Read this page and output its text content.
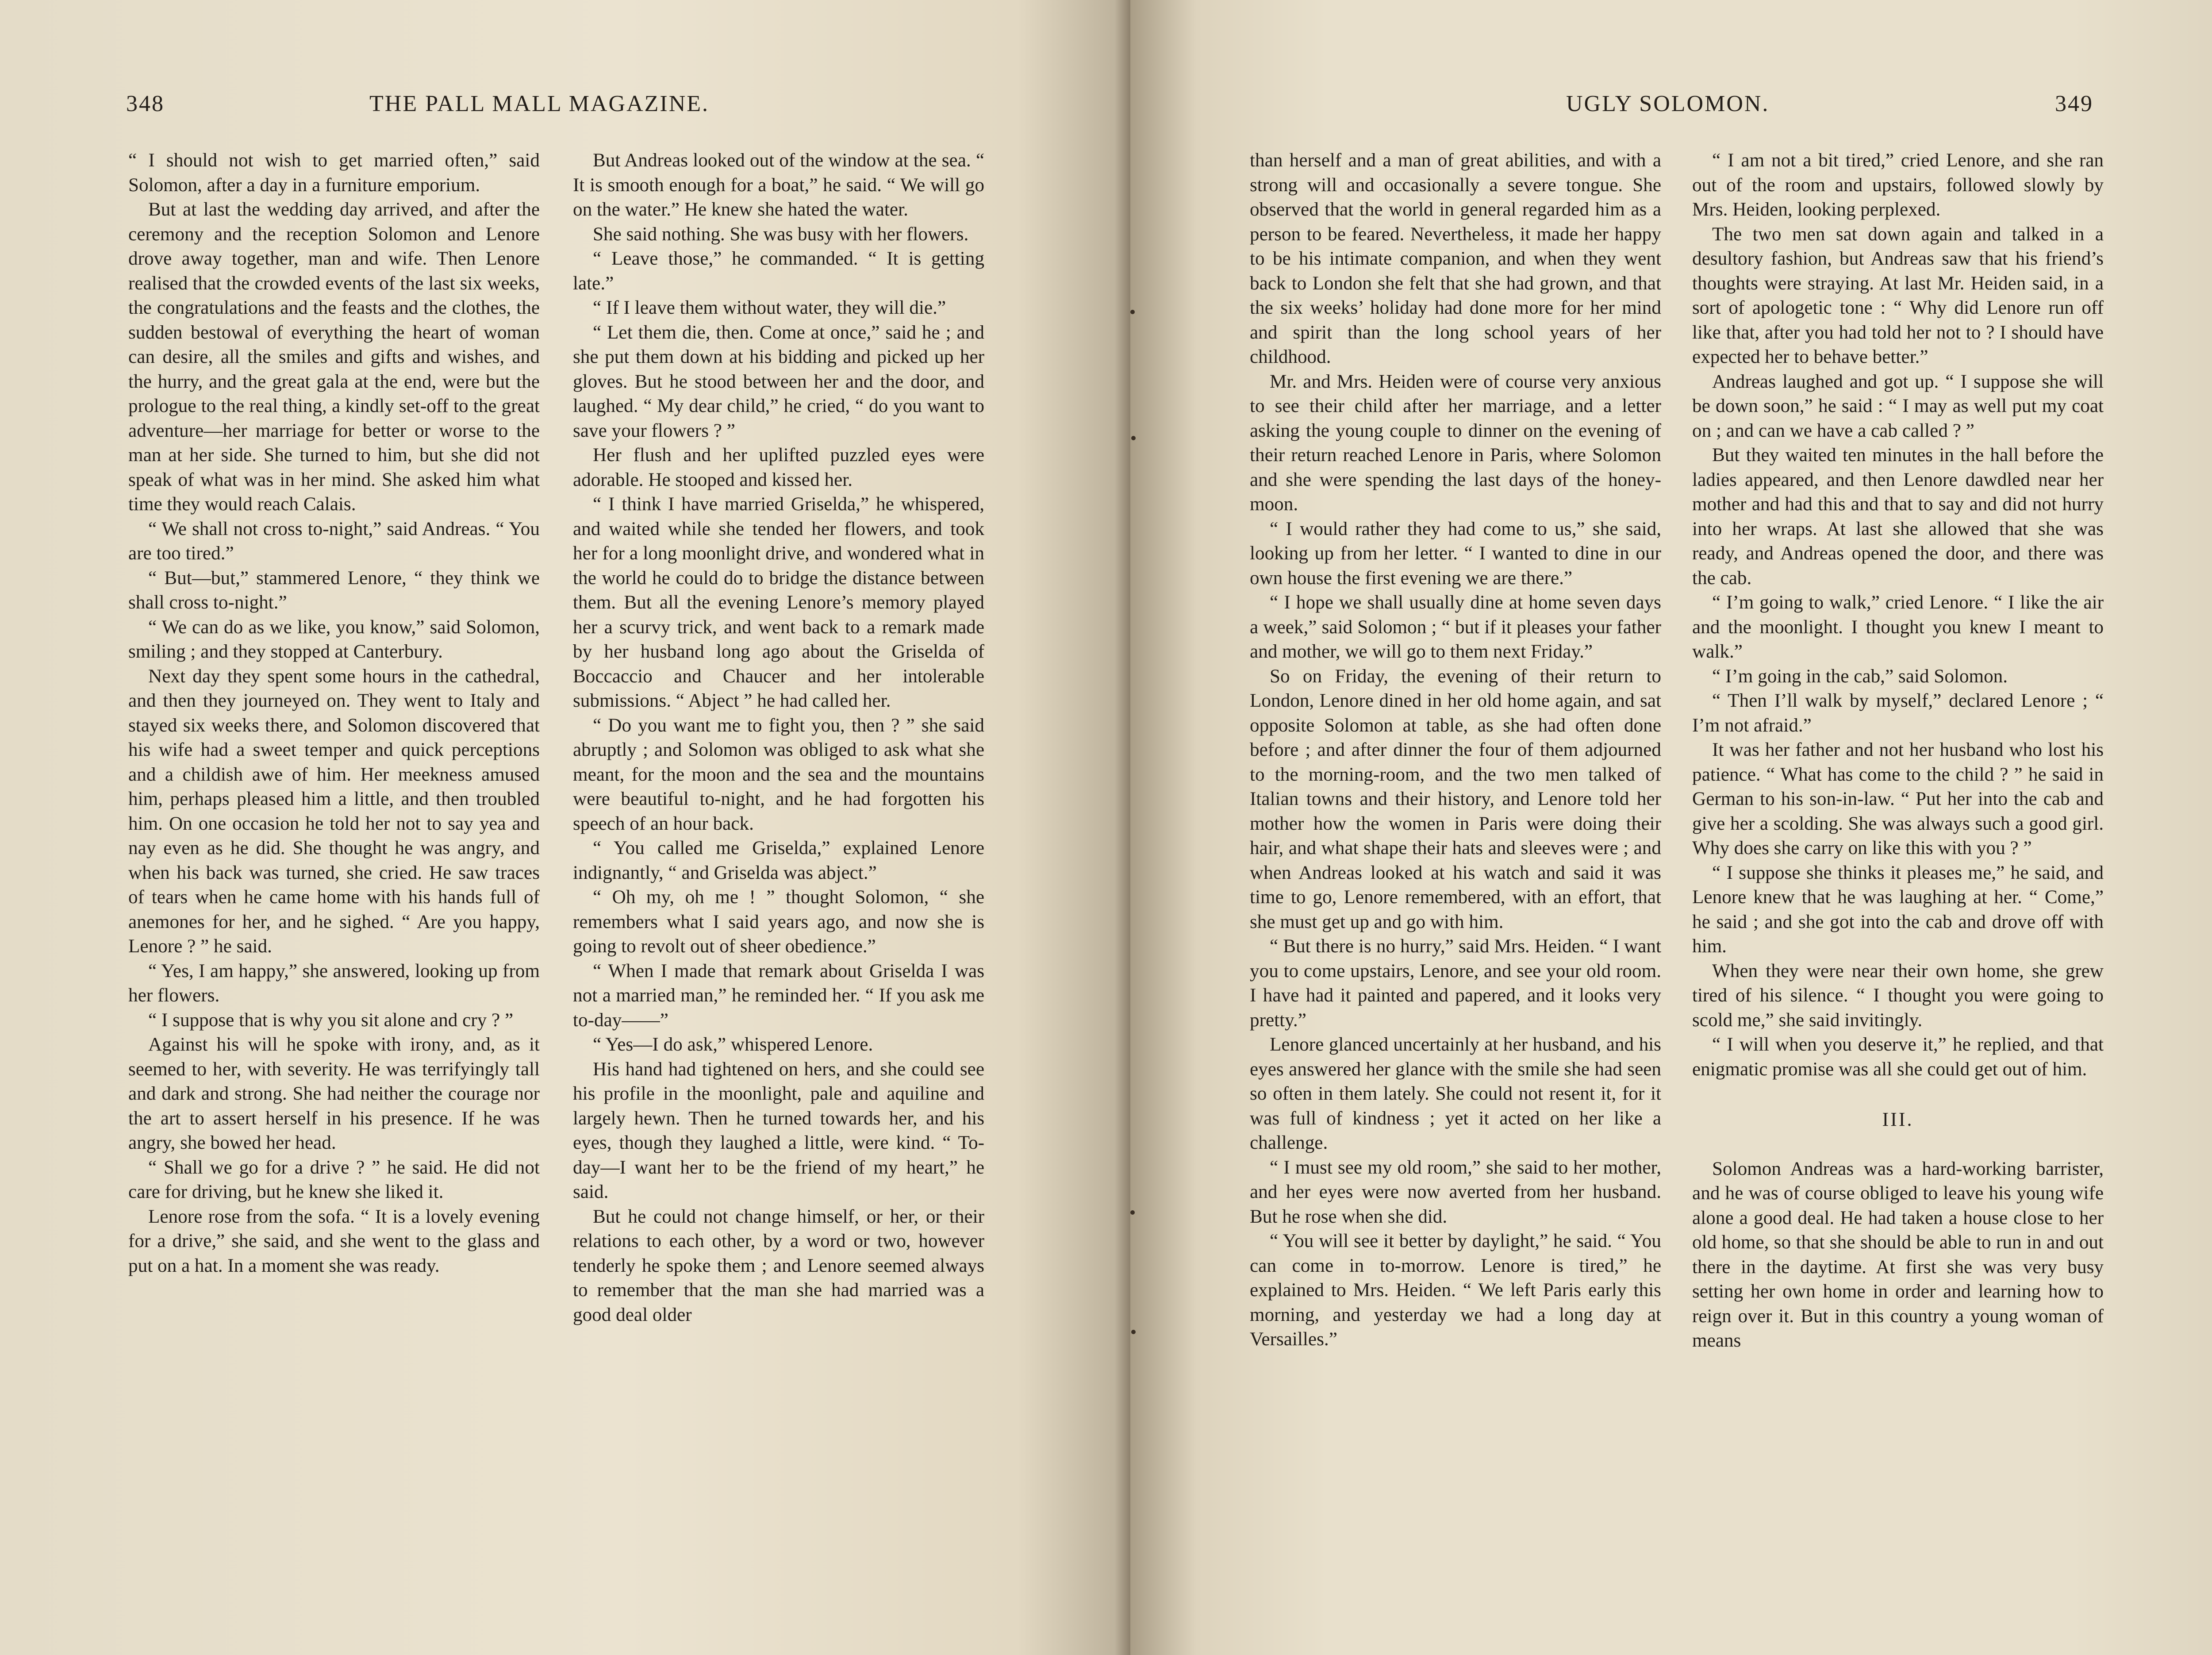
348	THE PALL MALL MAGAZINE.

“ I should not wish to get married often,” said Solomon, after a day in a furniture emporium.

But at last the wedding day arrived, and after the ceremony and the reception Solomon and Lenore drove away together, man and wife. Then Lenore realised that the crowded events of the last six weeks, the congratulations and the feasts and the clothes, the sudden bestowal of everything the heart of woman can desire, all the smiles and gifts and wishes, and the hurry, and the great gala at the end, were but the prologue to the real thing, a kindly set-off to the great adventure—her marriage for better or worse to the man at her side. She turned to him, but she did not speak of what was in her mind. She asked him what time they would reach Calais.

“ We shall not cross to-night,” said Andreas. “ You are too tired.”

“ But—but,” stammered Lenore, “ they think we shall cross to-night.”

“ We can do as we like, you know,” said Solomon, smiling ; and they stopped at Canterbury.

Next day they spent some hours in the cathedral, and then they journeyed on. They went to Italy and stayed six weeks there, and Solomon discovered that his wife had a sweet temper and quick perceptions and a childish awe of him. Her meekness amused him, perhaps pleased him a little, and then troubled him. On one occasion he told her not to say yea and nay even as he did. She thought he was angry, and when his back was turned, she cried. He saw traces of tears when he came home with his hands full of anemones for her, and he sighed. “ Are you happy, Lenore ? ” he said.

“ Yes, I am happy,” she answered, looking up from her flowers.

“ I suppose that is why you sit alone and cry ? ”

Against his will he spoke with irony, and, as it seemed to her, with severity. He was terrifyingly tall and dark and strong. She had neither the courage nor the art to assert herself in his presence. If he was angry, she bowed her head.

“ Shall we go for a drive ? ” he said. He did not care for driving, but he knew she liked it.

Lenore rose from the sofa. “ It is a lovely evening for a drive,” she said, and she went to the glass and put on a hat. In a moment she was ready.

But Andreas looked out of the window at the sea. “ It is smooth enough for a boat,” he said. “ We will go on the water.” He knew she hated the water.

She said nothing. She was busy with her flowers.

“ Leave those,” he commanded. “ It is getting late.”

“ If I leave them without water, they will die.”

“ Let them die, then. Come at once,” said he ; and she put them down at his bidding and picked up her gloves. But he stood between her and the door, and laughed. “ My dear child,” he cried, “ do you want to save your flowers ? ”

Her flush and her uplifted puzzled eyes were adorable. He stooped and kissed her.

“ I think I have married Griselda,” he whispered, and waited while she tended her flowers, and took her for a long moonlight drive, and wondered what in the world he could do to bridge the distance between them. But all the evening Lenore’s memory played her a scurvy trick, and went back to a remark made by her husband long ago about the Griselda of Boccaccio and Chaucer and her intolerable submissions. “ Abject ” he had called her.

“ Do you want me to fight you, then ? ” she said abruptly ; and Solomon was obliged to ask what she meant, for the moon and the sea and the mountains were beautiful to-night, and he had forgotten his speech of an hour back.

“ You called me Griselda,” explained Lenore indignantly, “ and Griselda was abject.”

“ Oh my, oh me ! ” thought Solomon, “ she remembers what I said years ago, and now she is going to revolt out of sheer obedience.”

“ When I made that remark about Griselda I was not a married man,” he reminded her. “ If you ask me to-day——”

“ Yes—I do ask,” whispered Lenore.

His hand had tightened on hers, and she could see his profile in the moonlight, pale and aquiline and largely hewn. Then he turned towards her, and his eyes, though they laughed a little, were kind. “ To-day—I want her to be the friend of my heart,” he said.

But he could not change himself, or her, or their relations to each other, by a word or two, however tenderly he spoke them ; and Lenore seemed always to remember that the man she had married was a good deal older

UGLY SOLOMON.	349

than herself and a man of great abilities, and with a strong will and occasionally a severe tongue. She observed that the world in general regarded him as a person to be feared. Nevertheless, it made her happy to be his intimate companion, and when they went back to London she felt that she had grown, and that the six weeks’ holiday had done more for her mind and spirit than the long school years of her childhood.

Mr. and Mrs. Heiden were of course very anxious to see their child after her marriage, and a letter asking the young couple to dinner on the evening of their return reached Lenore in Paris, where Solomon and she were spending the last days of the honey-moon.

“ I would rather they had come to us,” she said, looking up from her letter. “ I wanted to dine in our own house the first evening we are there.”

“ I hope we shall usually dine at home seven days a week,” said Solomon ; “ but if it pleases your father and mother, we will go to them next Friday.”

So on Friday, the evening of their return to London, Lenore dined in her old home again, and sat opposite Solomon at table, as she had often done before ; and after dinner the four of them adjourned to the morning-room, and the two men talked of Italian towns and their history, and Lenore told her mother how the women in Paris were doing their hair, and what shape their hats and sleeves were ; and when Andreas looked at his watch and said it was time to go, Lenore remembered, with an effort, that she must get up and go with him.

“ But there is no hurry,” said Mrs. Heiden. “ I want you to come upstairs, Lenore, and see your old room. I have had it painted and papered, and it looks very pretty.”

Lenore glanced uncertainly at her husband, and his eyes answered her glance with the smile she had seen so often in them lately. She could not resent it, for it was full of kindness ; yet it acted on her like a challenge.

“ I must see my old room,” she said to her mother, and her eyes were now averted from her husband. But he rose when she did.

“ You will see it better by daylight,” he said. “ You can come in to-morrow. Lenore is tired,” he explained to Mrs. Heiden. “ We left Paris early this morning, and yesterday we had a long day at Versailles.”

“ I am not a bit tired,” cried Lenore, and she ran out of the room and upstairs, followed slowly by Mrs. Heiden, looking perplexed.

The two men sat down again and talked in a desultory fashion, but Andreas saw that his friend’s thoughts were straying. At last Mr. Heiden said, in a sort of apologetic tone : “ Why did Lenore run off like that, after you had told her not to ? I should have expected her to behave better.”

Andreas laughed and got up. “ I suppose she will be down soon,” he said : “ I may as well put my coat on ; and can we have a cab called ? ”

But they waited ten minutes in the hall before the ladies appeared, and then Lenore dawdled near her mother and had this and that to say and did not hurry into her wraps. At last she allowed that she was ready, and Andreas opened the door, and there was the cab.

“ I’m going to walk,” cried Lenore. “ I like the air and the moonlight. I thought you knew I meant to walk.”

“ I’m going in the cab,” said Solomon.

“ Then I’ll walk by myself,” declared Lenore ; “ I’m not afraid.”

It was her father and not her husband who lost his patience. “ What has come to the child ? ” he said in German to his son-in-law. “ Put her into the cab and give her a scolding. She was always such a good girl. Why does she carry on like this with you ? ”

“ I suppose she thinks it pleases me,” he said, and Lenore knew that he was laughing at her. “ Come,” he said ; and she got into the cab and drove off with him.

When they were near their own home, she grew tired of his silence. “ I thought you were going to scold me,” she said invitingly.

“ I will when you deserve it,” he replied, and that enigmatic promise was all she could get out of him.

III.

Solomon Andreas was a hard-working barrister, and he was of course obliged to leave his young wife alone a good deal. He had taken a house close to her old home, so that she should be able to run in and out there in the daytime. At first she was very busy setting her own home in order and learning how to reign over it. But in this country a young woman of means
